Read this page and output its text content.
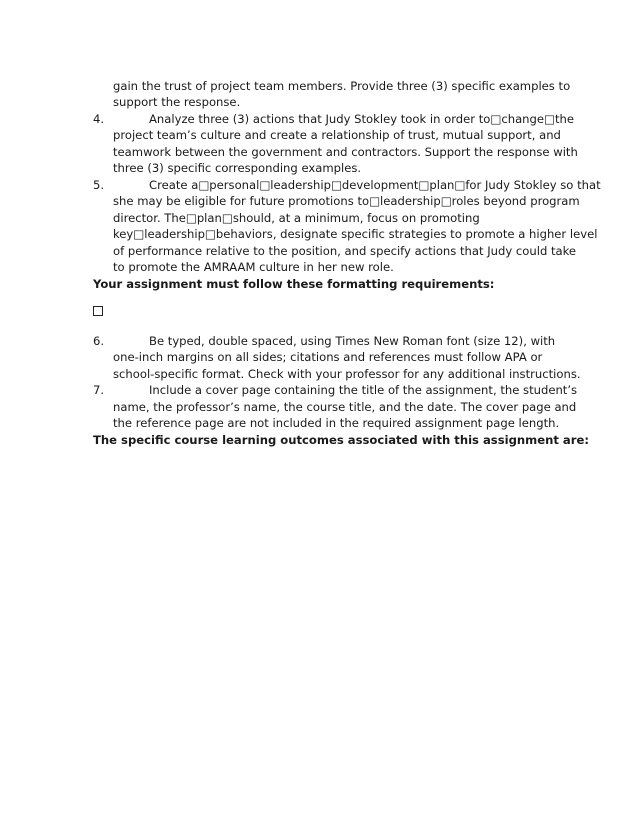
gain the trust of project team members. Provide three (3) specific examples to
support the response.
4.	Analyze three (3) actions that Judy Stokley took in order to□change□the
project team’s culture and create a relationship of trust, mutual support, and
teamwork between the government and contractors. Support the response with
three (3) specific corresponding examples.
5.	Create a□personal□leadership□development□plan□for Judy Stokley so that
she may be eligible for future promotions to□leadership□roles beyond program
director. The□plan□should, at a minimum, focus on promoting
key□leadership□behaviors, designate specific strategies to promote a higher level
of performance relative to the position, and specify actions that Judy could take
to promote the AMRAAM culture in her new role.
Your assignment must follow these formatting requirements:
6.	Be typed, double spaced, using Times New Roman font (size 12), with
one-inch margins on all sides; citations and references must follow APA or
school-specific format. Check with your professor for any additional instructions.
7.	Include a cover page containing the title of the assignment, the student’s
name, the professor’s name, the course title, and the date. The cover page and
the reference page are not included in the required assignment page length.
The specific course learning outcomes associated with this assignment are:
